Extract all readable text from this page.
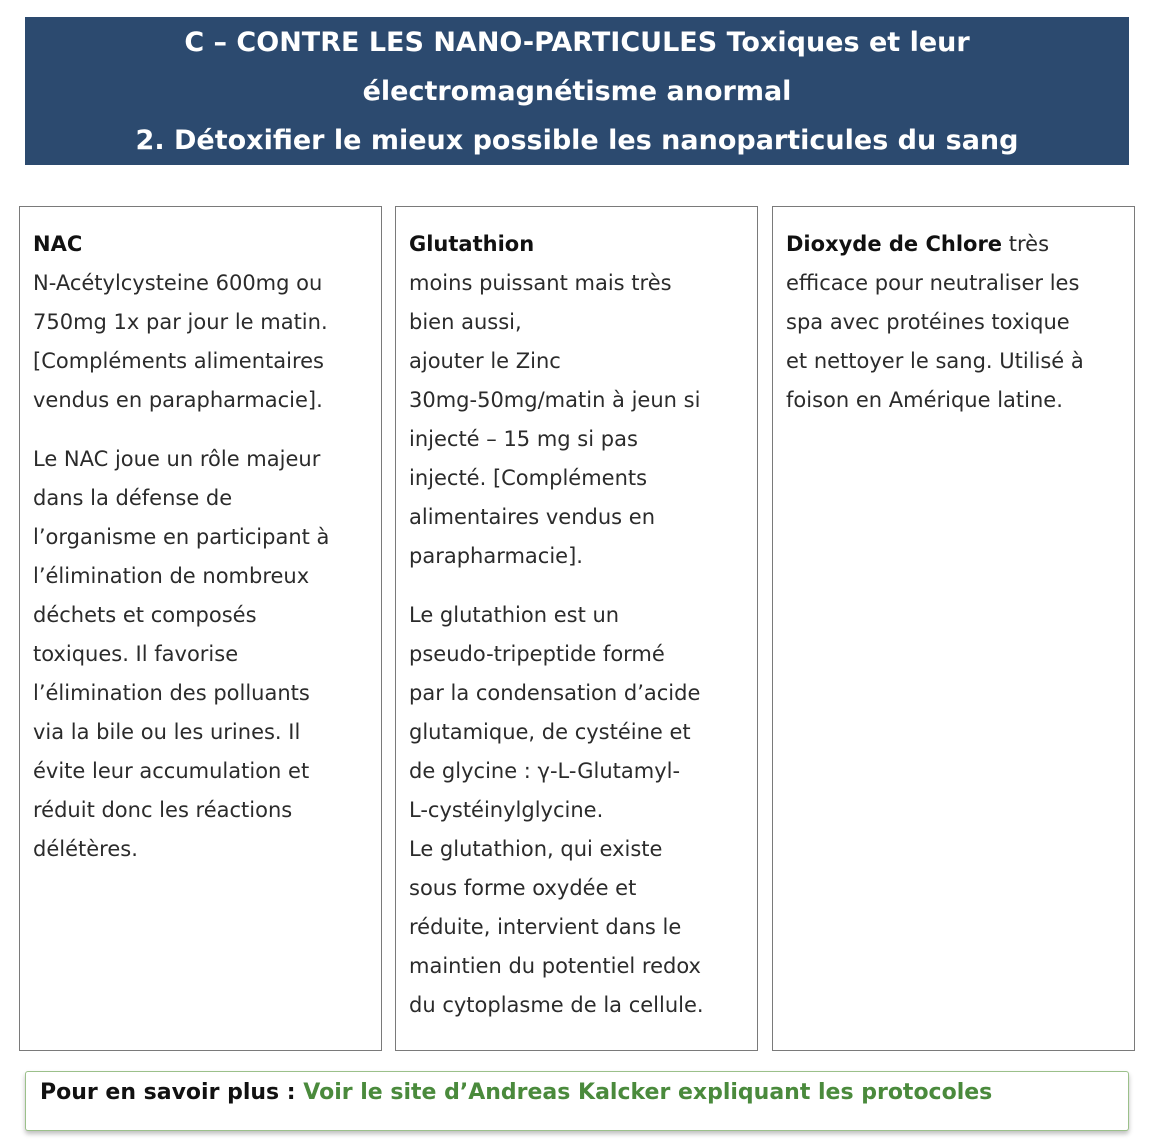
C – CONTRE LES NANO-PARTICULES Toxiques et leur
électromagnétisme anormal
2. Détoxifier le mieux possible les nanoparticules du sang

NAC
N-Acétylcysteine 600mg ou
750mg 1x par jour le matin.
[Compléments alimentaires
vendus en parapharmacie].

Le NAC joue un rôle majeur
dans la défense de
l’organisme en participant à
l’élimination de nombreux
déchets et composés
toxiques. Il favorise
l’élimination des polluants
via la bile ou les urines. Il
évite leur accumulation et
réduit donc les réactions
délétères.

Glutathion
moins puissant mais très
bien aussi,
ajouter le Zinc
30mg-50mg/matin à jeun si
injecté – 15 mg si pas
injecté. [Compléments
alimentaires vendus en
parapharmacie].

Le glutathion est un
pseudo-tripeptide formé
par la condensation d’acide
glutamique, de cystéine et
de glycine : γ-L-Glutamyl-
L-cystéinylglycine.
Le glutathion, qui existe
sous forme oxydée et
réduite, intervient dans le
maintien du potentiel redox
du cytoplasme de la cellule.

Dioxyde de Chlore très
efficace pour neutraliser les
spa avec protéines toxique
et nettoyer le sang. Utilisé à
foison en Amérique latine.

Pour en savoir plus : Voir le site d’Andreas Kalcker expliquant les protocoles
